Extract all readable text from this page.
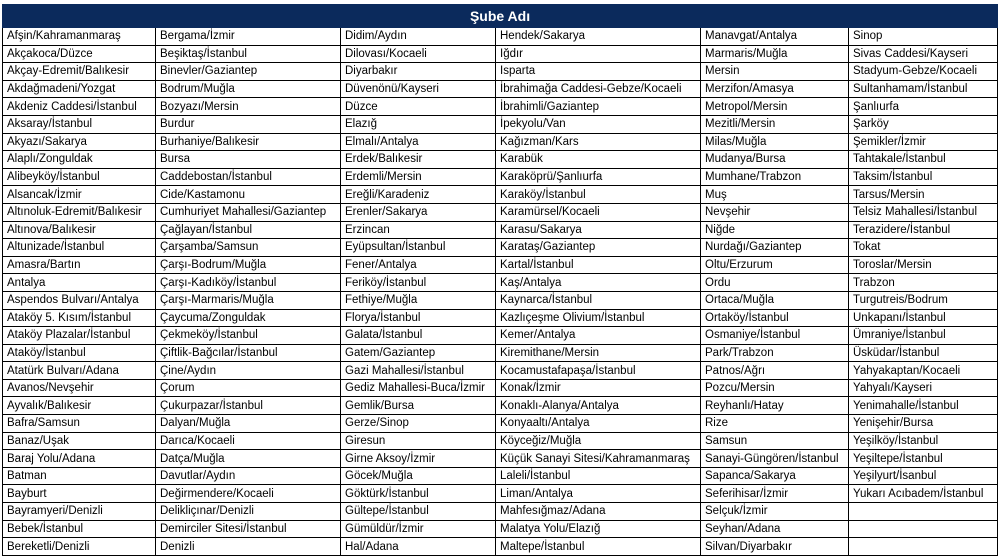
Şube Adı					
Afşin/Kahramanmaraş	Bergama/İzmir	Didim/Aydın	Hendek/Sakarya	Manavgat/Antalya	Sinop
Akçakoca/Düzce	Beşiktaş/İstanbul	Dilovası/Kocaeli	Iğdır	Marmaris/Muğla	Sivas Caddesi/Kayseri
Akçay-Edremit/Balıkesir	Binevler/Gaziantep	Diyarbakır	Isparta	Mersin	Stadyum-Gebze/Kocaeli
Akdağmadeni/Yozgat	Bodrum/Muğla	Düvenönü/Kayseri	İbrahimağa Caddesi-Gebze/Kocaeli	Merzifon/Amasya	Sultanhamam/İstanbul
Akdeniz Caddesi/İstanbul	Bozyazı/Mersin	Düzce	İbrahimli/Gaziantep	Metropol/Mersin	Şanlıurfa
Aksaray/İstanbul	Burdur	Elazığ	İpekyolu/Van	Mezitli/Mersin	Şarköy
Akyazı/Sakarya	Burhaniye/Balıkesir	Elmalı/Antalya	Kağızman/Kars	Milas/Muğla	Şemikler/İzmir
Alaplı/Zonguldak	Bursa	Erdek/Balıkesir	Karabük	Mudanya/Bursa	Tahtakale/İstanbul
Alibeyköy/İstanbul	Caddebostan/İstanbul	Erdemli/Mersin	Karaköprü/Şanlıurfa	Mumhane/Trabzon	Taksim/İstanbul
Alsancak/İzmir	Cide/Kastamonu	Ereğli/Karadeniz	Karaköy/İstanbul	Muş	Tarsus/Mersin
Altınoluk-Edremit/Balıkesir	Cumhuriyet Mahallesi/Gaziantep	Erenler/Sakarya	Karamürsel/Kocaeli	Nevşehir	Telsiz Mahallesi/İstanbul
Altınova/Balıkesir	Çağlayan/İstanbul	Erzincan	Karasu/Sakarya	Niğde	Terazidere/İstanbul
Altunizade/İstanbul	Çarşamba/Samsun	Eyüpsultan/İstanbul	Karataş/Gaziantep	Nurdağı/Gaziantep	Tokat
Amasra/Bartın	Çarşı-Bodrum/Muğla	Fener/Antalya	Kartal/İstanbul	Oltu/Erzurum	Toroslar/Mersin
Antalya	Çarşı-Kadıköy/İstanbul	Feriköy/İstanbul	Kaş/Antalya	Ordu	Trabzon
Aspendos Bulvarı/Antalya	Çarşı-Marmaris/Muğla	Fethiye/Muğla	Kaynarca/İstanbul	Ortaca/Muğla	Turgutreis/Bodrum
Ataköy 5. Kısım/İstanbul	Çaycuma/Zonguldak	Florya/İstanbul	Kazlıçeşme Olivium/İstanbul	Ortaköy/İstanbul	Unkapanı/İstanbul
Ataköy Plazalar/İstanbul	Çekmeköy/İstanbul	Galata/İstanbul	Kemer/Antalya	Osmaniye/İstanbul	Ümraniye/İstanbul
Ataköy/İstanbul	Çiftlik-Bağcılar/İstanbul	Gatem/Gaziantep	Kiremithane/Mersin	Park/Trabzon	Üsküdar/İstanbul
Atatürk Bulvarı/Adana	Çine/Aydın	Gazi Mahallesi/İstanbul	Kocamustafapaşa/İstanbul	Patnos/Ağrı	Yahyakaptan/Kocaeli
Avanos/Nevşehir	Çorum	Gediz Mahallesi-Buca/İzmir	Konak/İzmir	Pozcu/Mersin	Yahyalı/Kayseri
Ayvalık/Balıkesir	Çukurpazar/İstanbul	Gemlik/Bursa	Konaklı-Alanya/Antalya	Reyhanlı/Hatay	Yenimahalle/İstanbul
Bafra/Samsun	Dalyan/Muğla	Gerze/Sinop	Konyaaltı/Antalya	Rize	Yenişehir/Bursa
Banaz/Uşak	Darıca/Kocaeli	Giresun	Köyceğiz/Muğla	Samsun	Yeşilköy/İstanbul
Baraj Yolu/Adana	Datça/Muğla	Girne Aksoy/İzmir	Küçük Sanayi Sitesi/Kahramanmaraş	Sanayi-Güngören/İstanbul	Yeşiltepe/İstanbul
Batman	Davutlar/Aydın	Göcek/Muğla	Laleli/İstanbul	Sapanca/Sakarya	Yeşilyurt/İsanbul
Bayburt	Değirmendere/Kocaeli	Göktürk/İstanbul	Liman/Antalya	Seferihisar/İzmir	Yukarı Acıbadem/İstanbul
Bayramyeri/Denizli	Delikliçınar/Denizli	Gültepe/İstanbul	Mahfesığmaz/Adana	Selçuk/İzmir	
Bebek/İstanbul	Demirciler Sitesi/İstanbul	Gümüldür/İzmir	Malatya Yolu/Elazığ	Seyhan/Adana	
Bereketli/Denizli	Denizli	Hal/Adana	Maltepe/İstanbul	Silvan/Diyarbakır	
